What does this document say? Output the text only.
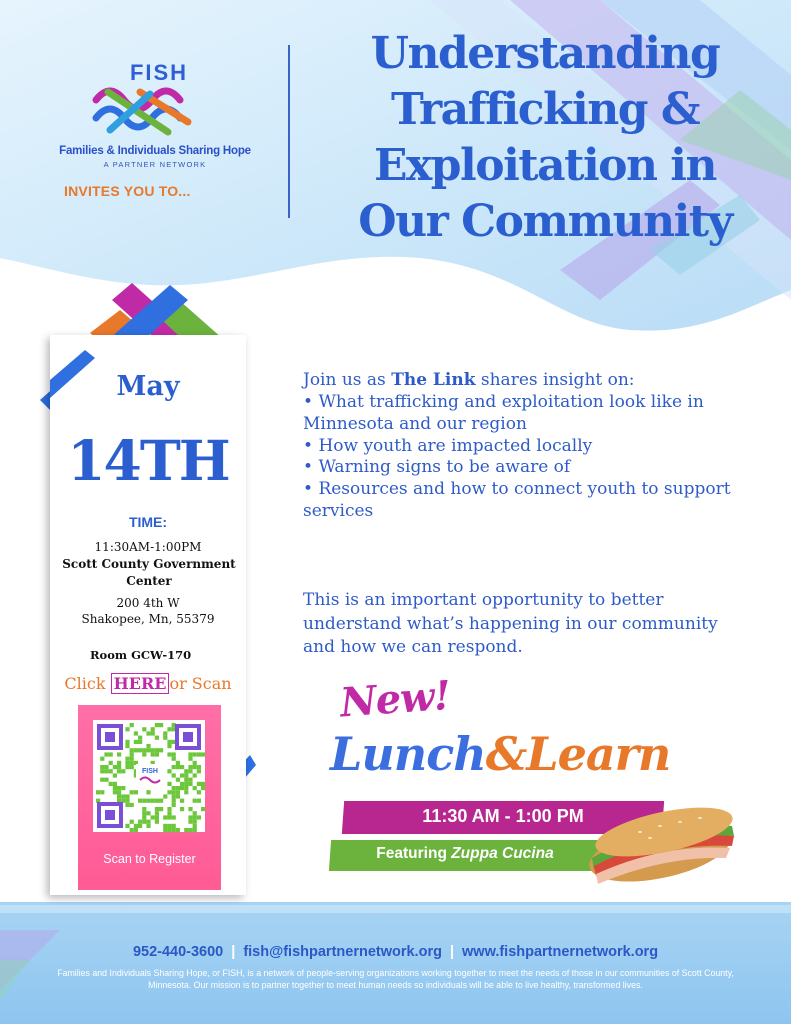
FISH
Families & Individuals Sharing Hope
A PARTNER NETWORK
INVITES YOU TO...
Understanding
Trafficking &
Exploitation in
Our Community
May
14TH
TIME:
11:30AM-1:00PM
Scott County Government Center
200 4th W
Shakopee, Mn, 55379
Room GCW-170
Click HERE or Scan
FISH
Scan to Register

Join us as The Link shares insight on:

• What trafficking and exploitation look like in Minnesota and our region
• How youth are impacted locally
• Warning signs to be aware of
• Resources and how to connect youth to support services

This is an important opportunity to better understand what’s happening in our community and how we can respond.

New!
Lunch&Learn
11:30 AM - 1:00 PM
Featuring Zuppa Cucina
952-440-3600 | fish@fishpartnernetwork.org | www.fishpartnernetwork.org

Families and Individuals Sharing Hope, or FISH, is a network of people-serving organizations working together to meet the needs of those in our communities of Scott County, Minnesota. Our mission is to partner together to meet human needs so individuals will be able to live healthy, transformed lives.
